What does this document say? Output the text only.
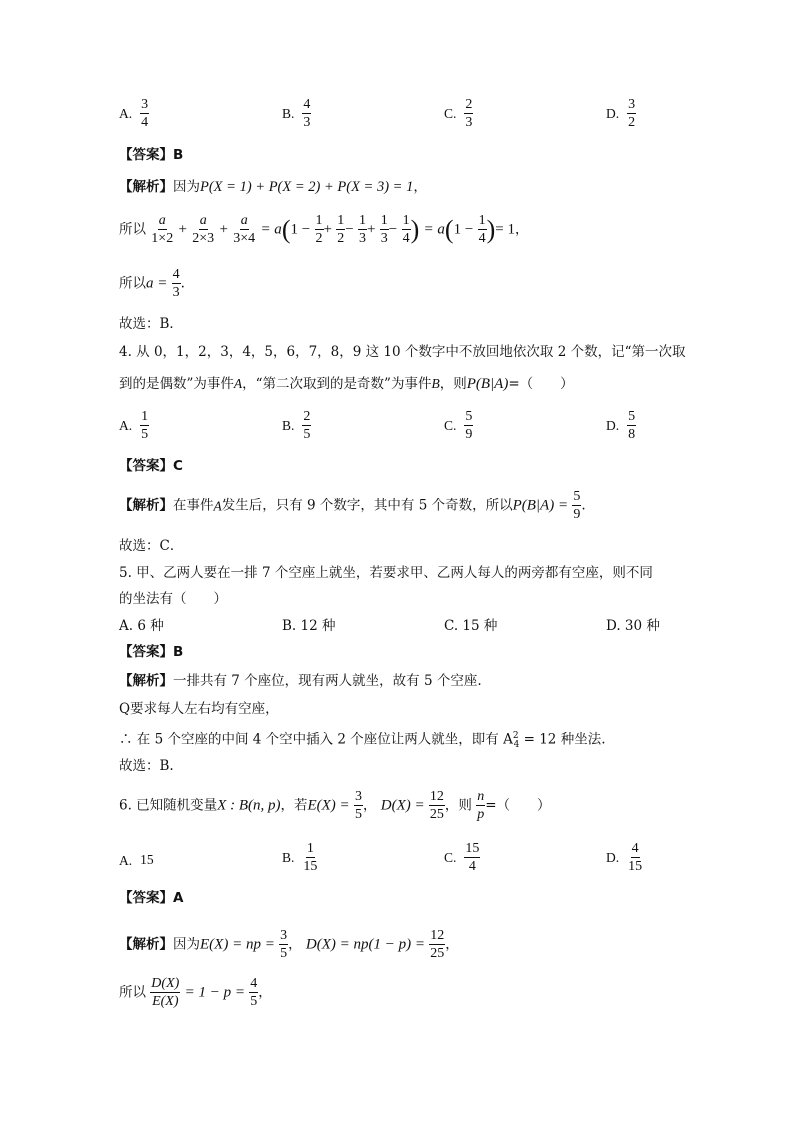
A. $\frac{3}{4}$	B. $\frac{4}{3}$	C. $\frac{2}{3}$	D. $\frac{3}{2}$
【答案】B
【解析】因为P(X = 1) + P(X = 2) + P(X = 3) = 1，
所以 $\frac{a}{1\times 2} + \frac{a}{2\times 3} + \frac{a}{3\times 4} = a(1 - \frac{1}{2} + \frac{1}{2} - \frac{1}{3} + \frac{1}{3} - \frac{1}{4}$ ) = $a(1 - \frac{1}{4}$ )= 1，
所以$a = \frac{4}{3}$ .
故选：B．
4. 从 0，1，2，3，4，5，6，7，8，9 这 10 个数字中不放回地依次取 2 个数，记“第一次取
到的是偶数”为事件A，“第二次取到的是奇数”为事件B，则P(B|A)=（　　）
A. $\frac{1}{5}$	B. $\frac{2}{5}$	C. $\frac{5}{9}$	D. $\frac{5}{8}$
【答案】C
【解析】在事件A发生后，只有 9 个数字，其中有 5 个奇数，所以$P(B|A) = \frac{5}{9}$ .
故选：C．
5. 甲、乙两人要在一排 7 个空座上就坐，若要求甲、乙两人每人的两旁都有空座，则不同
的坐法有（　　）
A. 6 种	B. 12 种	C. 15 种	D. 30 种
【答案】B
【解析】一排共有 7 个座位，现有两人就坐，故有 5 个空座.
Q要求每人左右均有空座，
∴ 在 5 个空座的中间 4 个空中插入 2 个座位让两人就坐，即有 $A^2_4 = 12$ 种坐法.
故选：B.
6. 已知随机变量X : B(n, p)，若$E(X) = \frac{3}{5}$ ， $D(X) = \frac{12}{25}$ ，则 $\frac{n}{p}$ =（　　）
A. 15	B. $\frac{1}{15}$	C. $\frac{15}{4}$	D. $\frac{4}{15}$
【答案】A
【解析】因为E(X) = np = $\frac{3}{5}$ ， $D(X) = np(1 - p) = \frac{12}{25}$ ，
所以 $\frac{D(X)}{E(X)} = 1 - p = \frac{4}{5}$ ，
